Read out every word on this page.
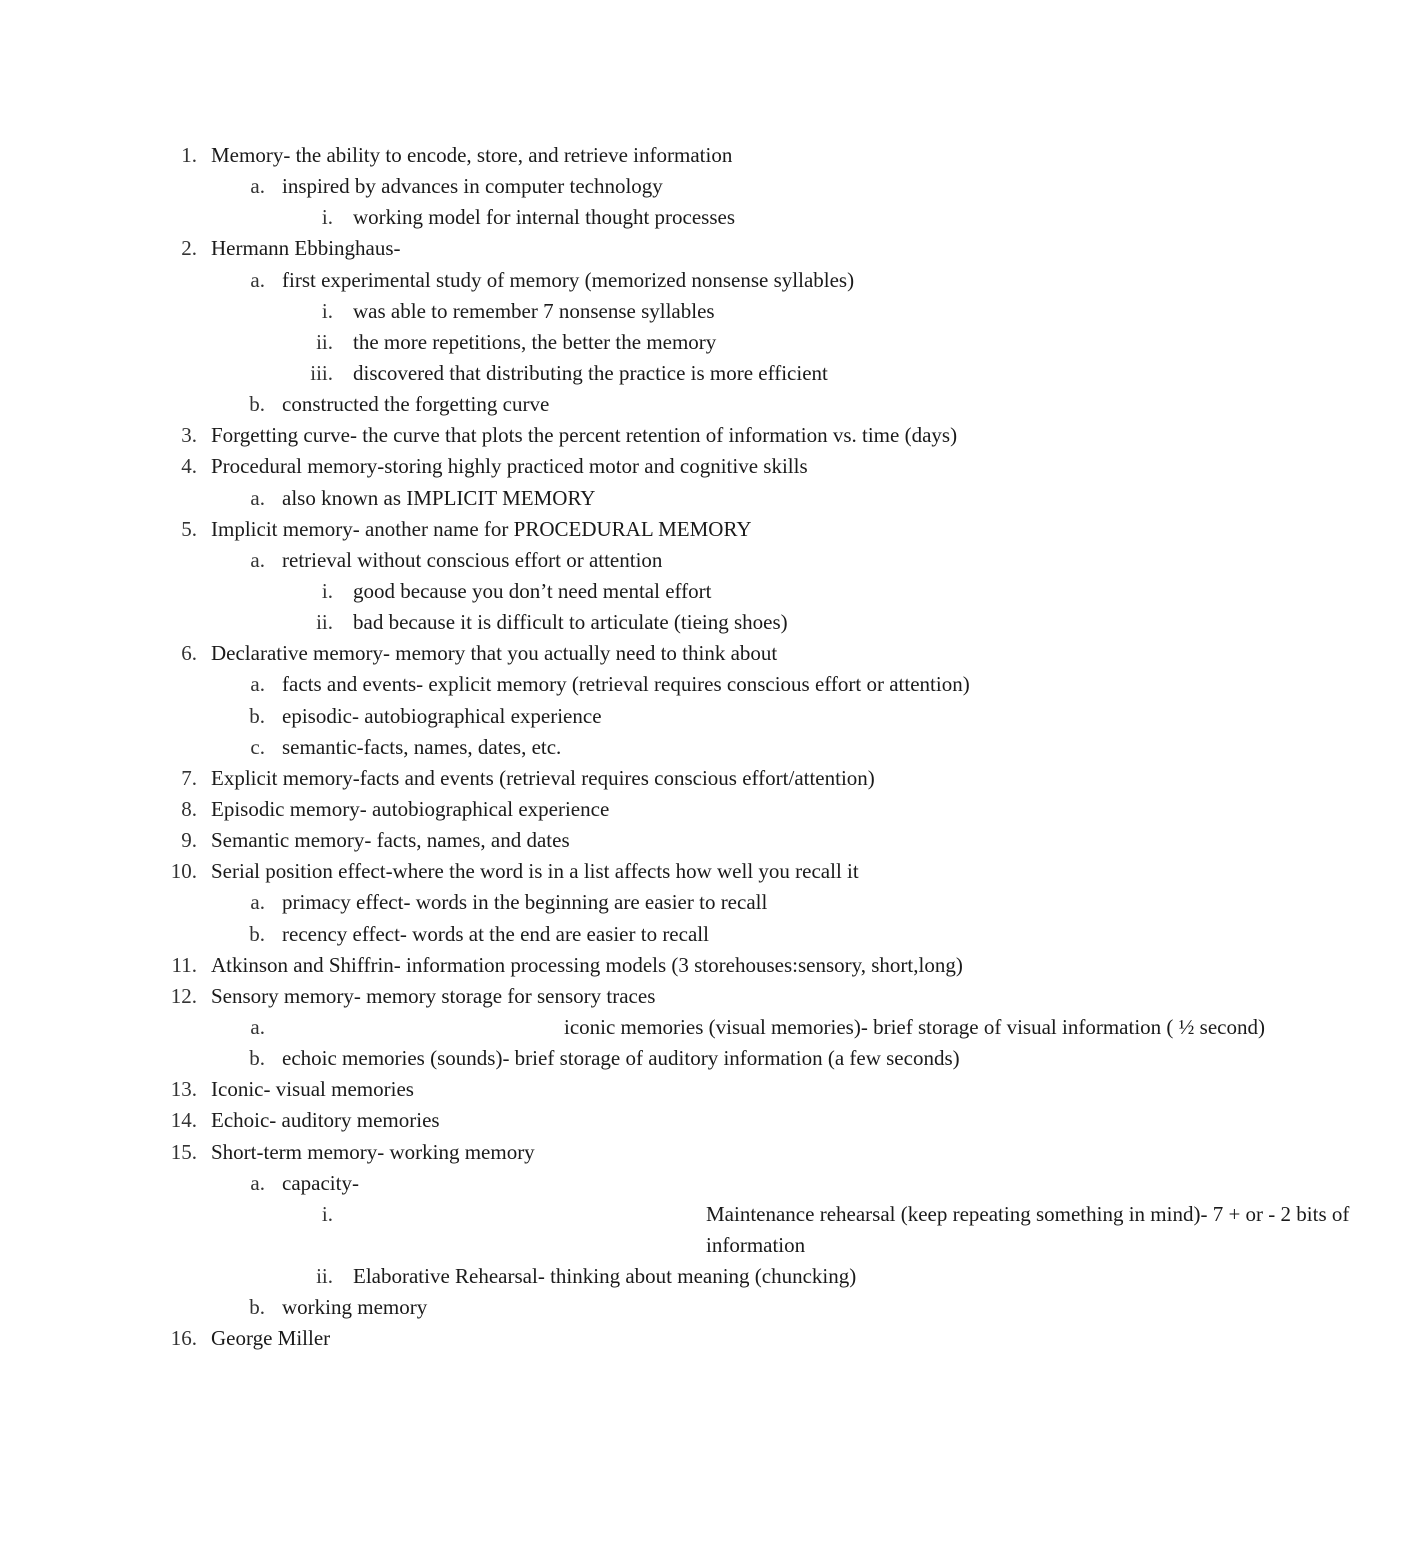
1. Memory- the ability to encode, store, and retrieve information
a. inspired by advances in computer technology
i. working model for internal thought processes
2. Hermann Ebbinghaus-
a. first experimental study of memory (memorized nonsense syllables)
i. was able to remember 7 nonsense syllables
ii. the more repetitions, the better the memory
iii. discovered that distributing the practice is more efficient
b. constructed the forgetting curve
3. Forgetting curve- the curve that plots the percent retention of information vs. time (days)
4. Procedural memory-storing highly practiced motor and cognitive skills
a. also known as IMPLICIT MEMORY
5. Implicit memory- another name for PROCEDURAL MEMORY
a. retrieval without conscious effort or attention
i. good because you don’t need mental effort
ii. bad because it is difficult to articulate (tieing shoes)
6. Declarative memory- memory that you actually need to think about
a. facts and events- explicit memory (retrieval requires conscious effort or attention)
b. episodic- autobiographical experience
c. semantic-facts, names, dates, etc.
7. Explicit memory-facts and events (retrieval requires conscious effort/attention)
8. Episodic memory- autobiographical experience
9. Semantic memory- facts, names, and dates
10. Serial position effect-where the word is in a list affects how well you recall it
a. primacy effect- words in the beginning are easier to recall
b. recency effect- words at the end are easier to recall
11. Atkinson and Shiffrin- information processing models (3 storehouses:sensory, short,long)
12. Sensory memory- memory storage for sensory traces
a.	iconic memories (visual memories)- brief storage of visual information ( ½ second)
b. echoic memories (sounds)- brief storage of auditory information (a few seconds)
13. Iconic- visual memories
14. Echoic- auditory memories
15. Short-term memory- working memory
a. capacity-
i.	Maintenance rehearsal (keep repeating something in mind)- 7 + or - 2 bits of information
ii. Elaborative Rehearsal- thinking about meaning (chuncking)
b. working memory
16. George Miller
